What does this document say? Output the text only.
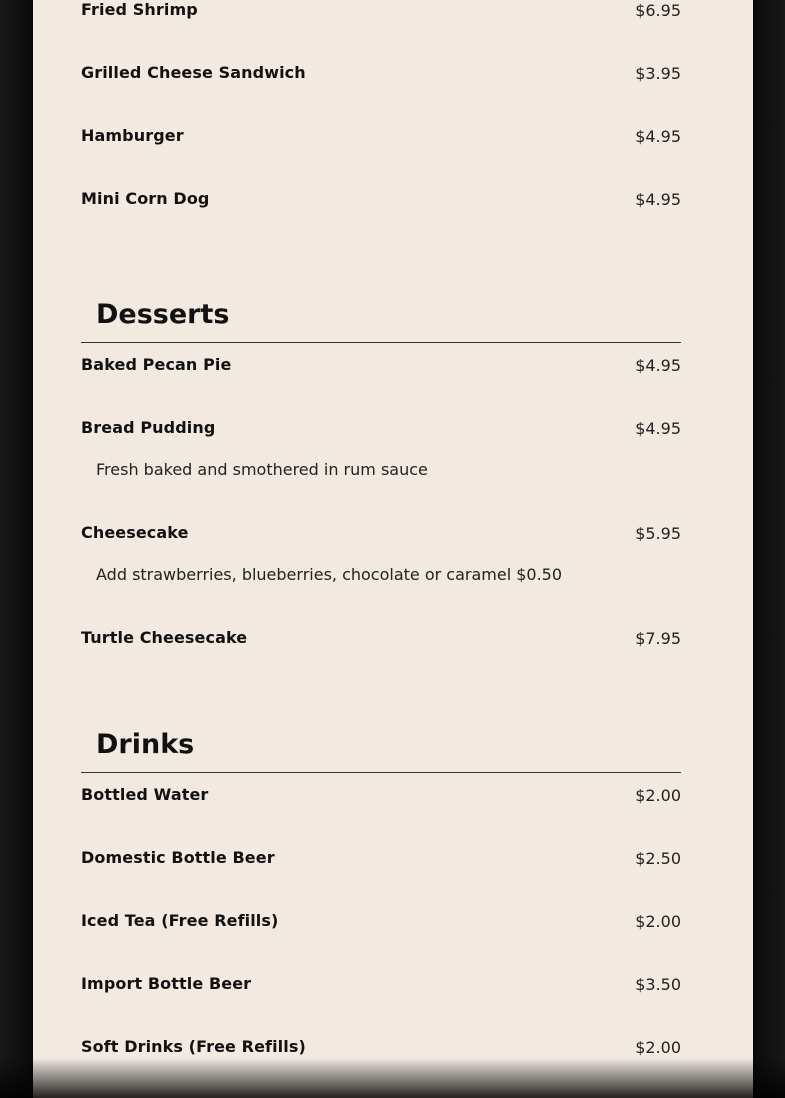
Fried Shrimp	$6.95
Grilled Cheese Sandwich	$3.95
Hamburger	$4.95
Mini Corn Dog	$4.95
Desserts
Baked Pecan Pie	$4.95
Bread Pudding	$4.95
Fresh baked and smothered in rum sauce
Cheesecake	$5.95
Add strawberries, blueberries, chocolate or caramel $0.50
Turtle Cheesecake	$7.95
Drinks
Bottled Water	$2.00
Domestic Bottle Beer	$2.50
Iced Tea (Free Refills)	$2.00
Import Bottle Beer	$3.50
Soft Drinks (Free Refills)	$2.00
